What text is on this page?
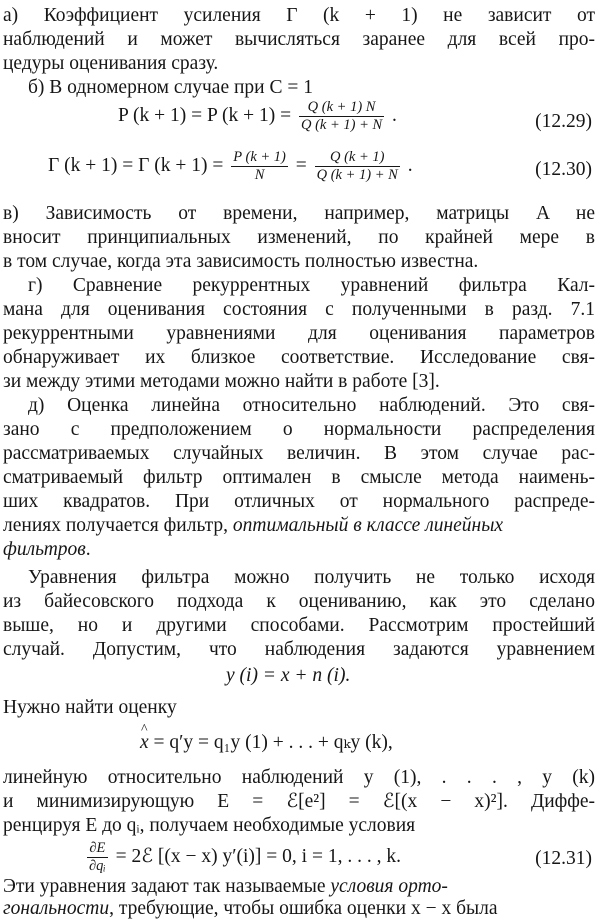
а) Коэффициент усиления Γ (k + 1) не зависит от
наблюдений и может вычисляться заранее для всей про-
цедуры оценивания сразу.
б) В одномерном случае при C = 1
P (k + 1) = P $(k + 1) = \frac{Q (k + 1) N}{Q (k + 1) + N}$ .	(12.29)
Γ (k + 1) = Γ $(k + 1) = \frac{P (k + 1)}{N} = \frac{Q (k + 1)}{Q (k + 1) + N}$ .	(12.30)
в) Зависимость от времени, например, матрицы A не
вносит принципиальных изменений, по крайней мере в
в том случае, когда эта зависимость полностью известна.
г) Сравнение рекуррентных уравнений фильтра Кал-
мана для оценивания состояния с полученными в разд. 7.1
рекуррентными уравнениями для оценивания параметров
обнаруживает их близкое соответствие. Исследование свя-
зи между этими методами можно найти в работе [3].
д) Оценка линейна относительно наблюдений. Это свя-
зано с предположением о нормальности распределения
рассматриваемых случайных величин. В этом случае рас-
сматриваемый фильтр оптимален в смысле метода наимень-
ших квадратов. При отличных от нормального распреде-
лениях получается фильтр, оптимальный в классе линейных
фильтров.
Уравнения фильтра можно получить не только исходя
из байесовского подхода к оцениванию, как это сделано
выше, но и другими способами. Рассмотрим простейший
случай. Допустим, что наблюдения задаются уравнением
y (i) = x + n (i).
Нужно найти оценку
^ x = q′y = q₁y (1) + . . . + qₖy (k),
линейную относительно наблюдений y (1), . . . , y (k)
и минимизирующую E = ℰ[e²] = ℰ[(x − x)²]. Диффе-
ренцируя E до qᵢ, получаем необходимые условия
$\frac{\partial E}{\text{∂qᵢ}}$ = 2ℰ [(x − x) y′(i)] = 0, i = 1, . . . , k.	(12.31)
Эти уравнения задают так называемые условия орто-
гональности, требующие, чтобы ошибка оценки x − x была
